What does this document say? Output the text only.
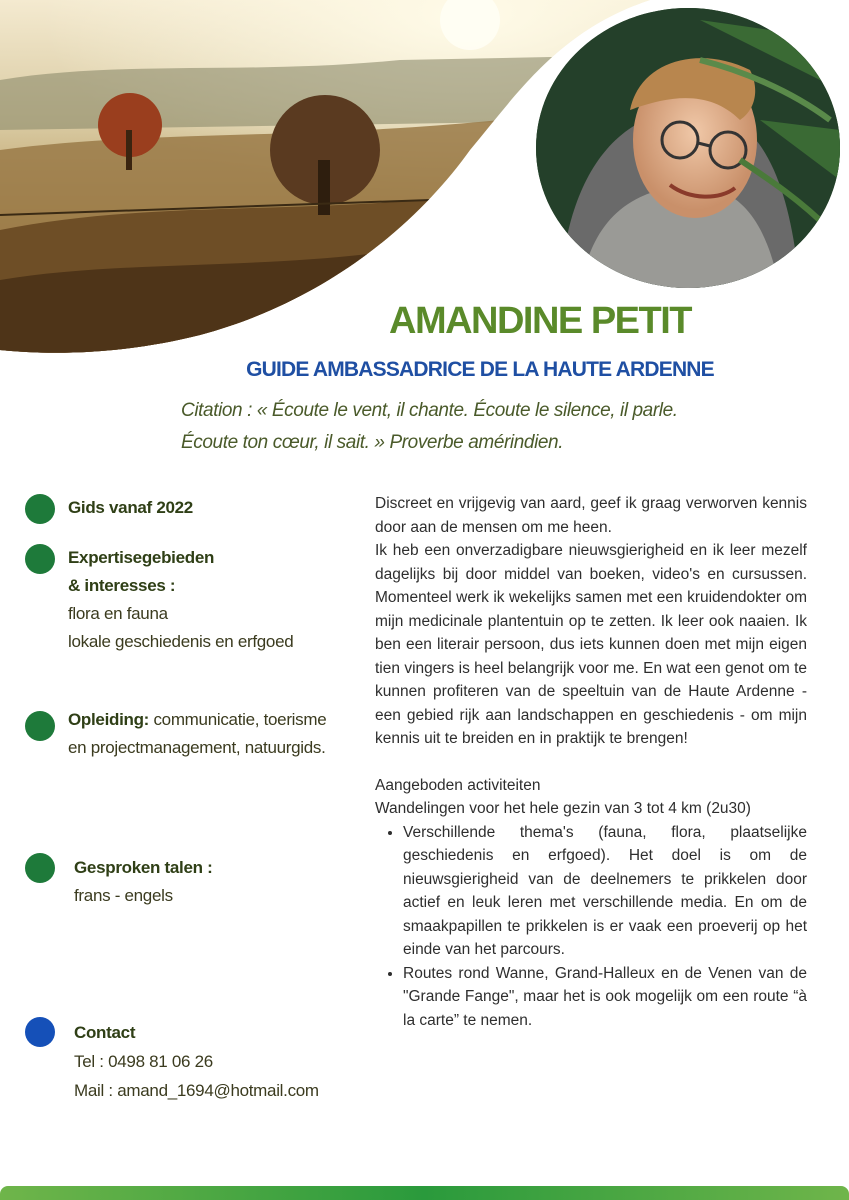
AMANDINE PETIT
GUIDE AMBASSADRICE DE LA HAUTE ARDENNE
Citation : « Écoute le vent, il chante. Écoute le silence, il parle.
Écoute ton cœur, il sait. » Proverbe amérindien.
Gids vanaf 2022
Expertisegebieden
& interesses :
flora en fauna
lokale geschiedenis en erfgoed
Opleiding: communicatie, toerisme
en projectmanagement, natuurgids.
Gesproken talen :
frans - engels
Contact
Tel : 0498 81 06 26
Mail : amand_1694@hotmail.com

Discreet en vrijgevig van aard, geef ik graag verworven kennis door aan de mensen om me heen.

Ik heb een onverzadigbare nieuwsgierigheid en ik leer mezelf dagelijks bij door middel van boeken, video's en cursussen. Momenteel werk ik wekelijks samen met een kruidendokter om mijn medicinale plantentuin op te zetten. Ik leer ook naaien. Ik ben een literair persoon, dus iets kunnen doen met mijn eigen tien vingers is heel belangrijk voor me. En wat een genot om te kunnen profiteren van de speeltuin van de Haute Ardenne - een gebied rijk aan landschappen en geschiedenis - om mijn kennis uit te breiden en in praktijk te brengen!

Aangeboden activiteiten

Wandelingen voor het hele gezin van 3 tot 4 km (2u30)

• Verschillende thema's (fauna, flora, plaatselijke geschiedenis en erfgoed). Het doel is om de nieuwsgierigheid van de deelnemers te prikkelen door actief en leuk leren met verschillende media. En om de smaakpapillen te prikkelen is er vaak een proeverij op het einde van het parcours.
• Routes rond Wanne, Grand-Halleux en de Venen van de "Grande Fange", maar het is ook mogelijk om een route “à la carte” te nemen.
